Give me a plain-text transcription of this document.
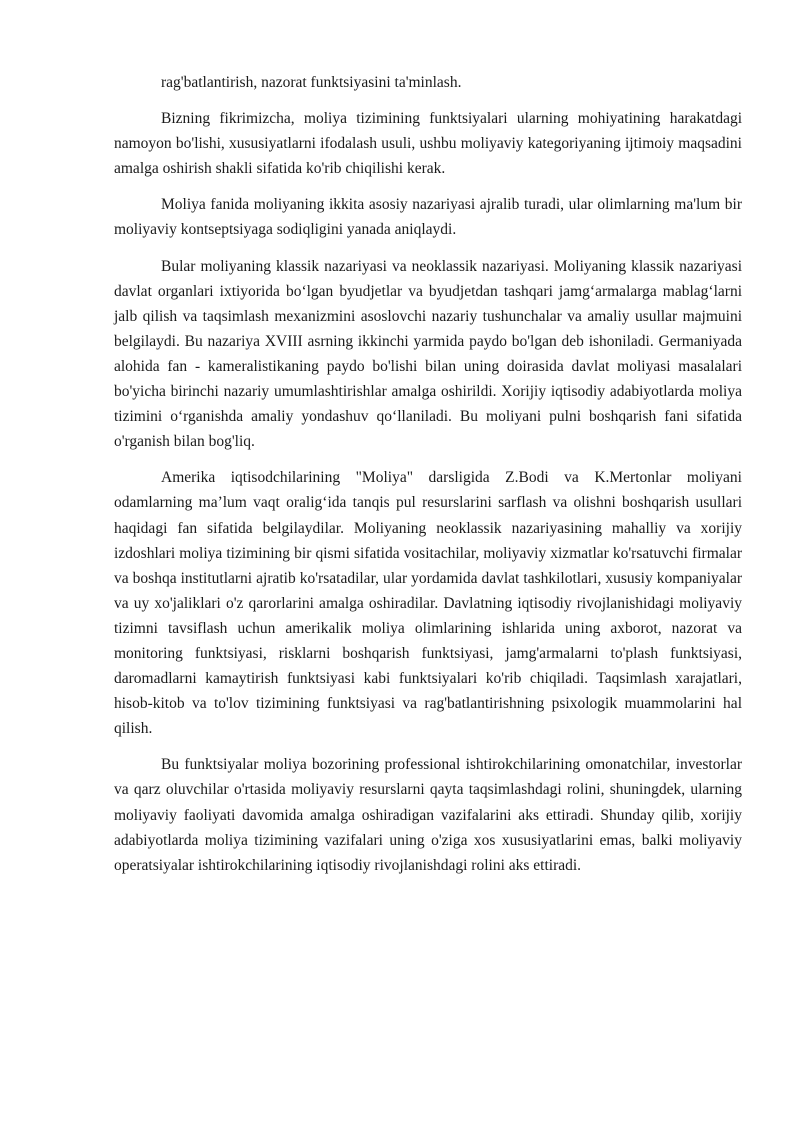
rag'batlantirish, nazorat funktsiyasini ta'minlash.

Bizning fikrimizcha, moliya tizimining funktsiyalari ularning mohiyatining harakatdagi namoyon bo'lishi, xususiyatlarni ifodalash usuli, ushbu moliyaviy kategoriyaning ijtimoiy maqsadini amalga oshirish shakli sifatida ko'rib chiqilishi kerak.

Moliya fanida moliyaning ikkita asosiy nazariyasi ajralib turadi, ular olimlarning ma'lum bir moliyaviy kontseptsiyaga sodiqligini yanada aniqlaydi.

Bular moliyaning klassik nazariyasi va neoklassik nazariyasi. Moliyaning klassik nazariyasi davlat organlari ixtiyorida bo‘lgan byudjetlar va byudjetdan tashqari jamg‘armalarga mablag‘larni jalb qilish va taqsimlash mexanizmini asoslovchi nazariy tushunchalar va amaliy usullar majmuini belgilaydi. Bu nazariya XVIII asrning ikkinchi yarmida paydo bo'lgan deb ishoniladi. Germaniyada alohida fan - kameralistikaning paydo bo'lishi bilan uning doirasida davlat moliyasi masalalari bo'yicha birinchi nazariy umumlashtirishlar amalga oshirildi. Xorijiy iqtisodiy adabiyotlarda moliya tizimini o‘rganishda amaliy yondashuv qo‘llaniladi. Bu moliyani pulni boshqarish fani sifatida o'rganish bilan bog'liq.

Amerika iqtisodchilarining "Moliya" darsligida Z.Bodi va K.Mertonlar moliyani odamlarning ma’lum vaqt oralig‘ida tanqis pul resurslarini sarflash va olishni boshqarish usullari haqidagi fan sifatida belgilaydilar. Moliyaning neoklassik nazariyasining mahalliy va xorijiy izdoshlari moliya tizimining bir qismi sifatida vositachilar, moliyaviy xizmatlar ko'rsatuvchi firmalar va boshqa institutlarni ajratib ko'rsatadilar, ular yordamida davlat tashkilotlari, xususiy kompaniyalar va uy xo'jaliklari o'z qarorlarini amalga oshiradilar. Davlatning iqtisodiy rivojlanishidagi moliyaviy tizimni tavsiflash uchun amerikalik moliya olimlarining ishlarida uning axborot, nazorat va monitoring funktsiyasi, risklarni boshqarish funktsiyasi, jamg'armalarni to'plash funktsiyasi, daromadlarni kamaytirish funktsiyasi kabi funktsiyalari ko'rib chiqiladi. Taqsimlash xarajatlari, hisob-kitob va to'lov tizimining funktsiyasi va rag'batlantirishning psixologik muammolarini hal qilish.

Bu funktsiyalar moliya bozorining professional ishtirokchilarining omonatchilar, investorlar va qarz oluvchilar o'rtasida moliyaviy resurslarni qayta taqsimlashdagi rolini, shuningdek, ularning moliyaviy faoliyati davomida amalga oshiradigan vazifalarini aks ettiradi. Shunday qilib, xorijiy adabiyotlarda moliya tizimining vazifalari uning o'ziga xos xususiyatlarini emas, balki moliyaviy operatsiyalar ishtirokchilarining iqtisodiy rivojlanishdagi rolini aks ettiradi.
